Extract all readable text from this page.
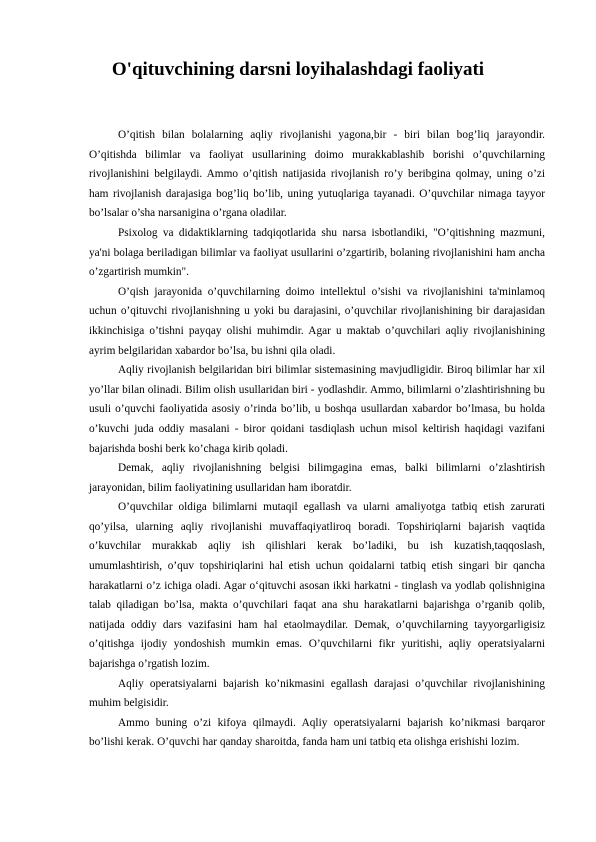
O'qituvchining darsni loyihalashdagi faoliyati

O’qitish bilan bolalarning aqliy rivojlanishi yagona,bir - biri bilan bog’liq jarayondir. O’qitishda bilimlar va faoliyat usullarining doimo murakkablashib borishi o’quvchilarning rivojlanishini belgilaydi. Ammo o’qitish natijasida rivojlanish ro’y beribgina qolmay, uning o’zi ham rivojlanish darajasiga bog’liq bo’lib, uning yutuqlariga tayanadi. O’quvchilar nimaga tayyor bo’lsalar o’sha narsanigina o’rgana oladilar.

Psixolog va didaktiklarning tadqiqotlarida shu narsa isbotlandiki, "O’qitishning mazmuni, ya'ni bolaga beriladigan bilimlar va faoliyat usullarini o’zgartirib, bolaning rivojlanishini ham ancha o’zgartirish mumkin".

O’qish jarayonida o’quvchilarning doimo intellektul o’sishi va rivojlanishini ta'minlamoq uchun o’qituvchi rivojlanishning u yoki bu darajasini, o’quvchilar rivojlanishining bir darajasidan ikkinchisiga o’tishni payqay olishi muhimdir. Agar u maktab o’quvchilari aqliy rivojlanishining ayrim belgilaridan xabardor bo’lsa, bu ishni qila oladi.

Aqliy rivojlanish belgilaridan biri bilimlar sistemasining mavjudligidir. Biroq bilimlar har xil yo’llar bilan olinadi. Bilim olish usullaridan biri - yodlashdir. Ammo, bilimlarni o’zlashtirishning bu usuli o’quvchi faoliyatida asosiy o’rinda bo’lib, u boshqa usullardan xabardor bo’lmasa, bu holda o’kuvchi juda oddiy masalani - biror qoidani tasdiqlash uchun misol keltirish haqidagi vazifani bajarishda boshi berk ko’chaga kirib qoladi.

Demak, aqliy rivojlanishning belgisi bilimgagina emas, balki bilimlarni o’zlashtirish jarayonidan, bilim faoliyatining usullaridan ham iboratdir.

O’quvchilar oldiga bilimlarni mutaqil egallash va ularni amaliyotga tatbiq etish zarurati qo’yilsa, ularning aqliy rivojlanishi muvaffaqiyatliroq boradi. Topshiriqlarni bajarish vaqtida o’kuvchilar murakkab aqliy ish qilishlari kerak bo’ladiki, bu ish kuzatish,taqqoslash, umumlashtirish, o’quv topshiriqlarini hal etish uchun qoidalarni tatbiq etish singari bir qancha harakatlarni o’z ichiga oladi. Agar o‘qituvchi asosan ikki harkatni - tinglash va yodlab qolishnigina talab qiladigan bo’lsa, makta o’quvchilari faqat ana shu harakatlarni bajarishga o’rganib qolib, natijada oddiy dars vazifasini ham hal etaolmaydilar. Demak, o’quvchilarning tayyorgarligisiz o’qitishga ijodiy yondoshish mumkin emas. O’quvchilarni fikr yuritishi, aqliy operatsiyalarni bajarishga o’rgatish lozim.

Aqliy operatsiyalarni bajarish ko’nikmasini egallash darajasi o’quvchilar rivojlanishining muhim belgisidir.

Ammo buning o’zi kifoya qilmaydi. Aqliy operatsiyalarni bajarish ko’nikmasi barqaror bo’lishi kerak. O’quvchi har qanday sharoitda, fanda ham uni tatbiq eta olishga erishishi lozim.
